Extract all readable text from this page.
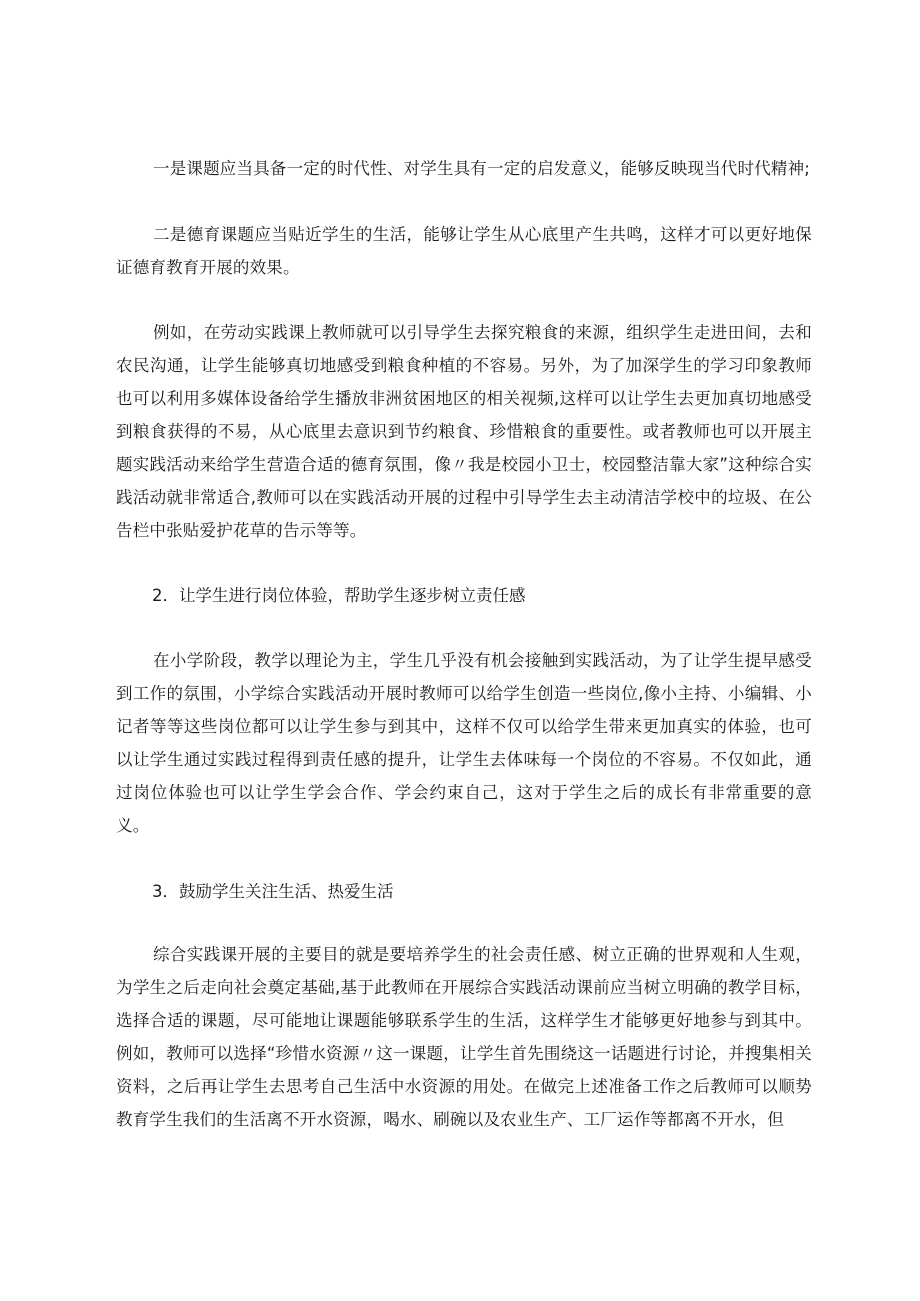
一是课题应当具备一定的时代性、对学生具有一定的启发意义，能够反映现当代时代精神;

二是德育课题应当贴近学生的生活，能够让学生从心底里产生共鸣，这样才可以更好地保证德育教育开展的效果。

例如，在劳动实践课上教师就可以引导学生去探究粮食的来源，组织学生走进田间，去和农民沟通，让学生能够真切地感受到粮食种植的不容易。另外，为了加深学生的学习印象教师也可以利用多媒体设备给学生播放非洲贫困地区的相关视频,这样可以让学生去更加真切地感受到粮食获得的不易，从心底里去意识到节约粮食、珍惜粮食的重要性。或者教师也可以开展主题实践活动来给学生营造合适的德育氛围，像〃我是校园小卫士，校园整洁靠大家”这种综合实践活动就非常适合,教师可以在实践活动开展的过程中引导学生去主动清洁学校中的垃圾、在公告栏中张贴爱护花草的告示等等。

2．让学生进行岗位体验，帮助学生逐步树立责任感

在小学阶段，教学以理论为主，学生几乎没有机会接触到实践活动，为了让学生提早感受到工作的氛围，小学综合实践活动开展时教师可以给学生创造一些岗位,像小主持、小编辑、小记者等等这些岗位都可以让学生参与到其中，这样不仅可以给学生带来更加真实的体验，也可以让学生通过实践过程得到责任感的提升，让学生去体味每一个岗位的不容易。不仅如此，通过岗位体验也可以让学生学会合作、学会约束自己，这对于学生之后的成长有非常重要的意义。

3．鼓励学生关注生活、热爱生活

综合实践课开展的主要目的就是要培养学生的社会责任感、树立正确的世界观和人生观，为学生之后走向社会奠定基础,基于此教师在开展综合实践活动课前应当树立明确的教学目标，选择合适的课题，尽可能地让课题能够联系学生的生活，这样学生才能够更好地参与到其中。例如，教师可以选择“珍惜水资源〃这一课题，让学生首先围绕这一话题进行讨论，并搜集相关资料，之后再让学生去思考自己生活中水资源的用处。在做完上述准备工作之后教师可以顺势教育学生我们的生活离不开水资源，喝水、刷碗以及农业生产、工厂运作等都离不开水，但
